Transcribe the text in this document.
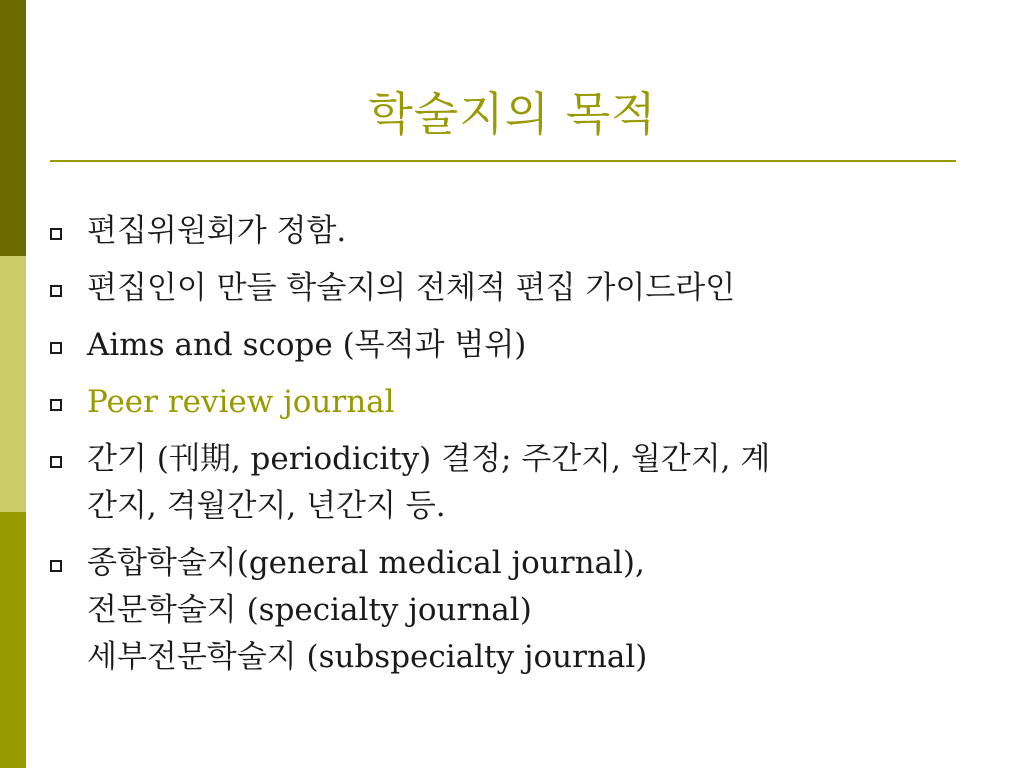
학술지의 목적
편집위원회가 정함.
편집인이 만들 학술지의 전체적 편집 가이드라인
Aims and scope (목적과 범위)
Peer review journal
간기 (刊期, periodicity) 결정; 주간지, 월간지, 계
간지, 격월간지, 년간지 등.
종합학술지(general medical journal),
전문학술지 (specialty journal)
세부전문학술지 (subspecialty journal)
